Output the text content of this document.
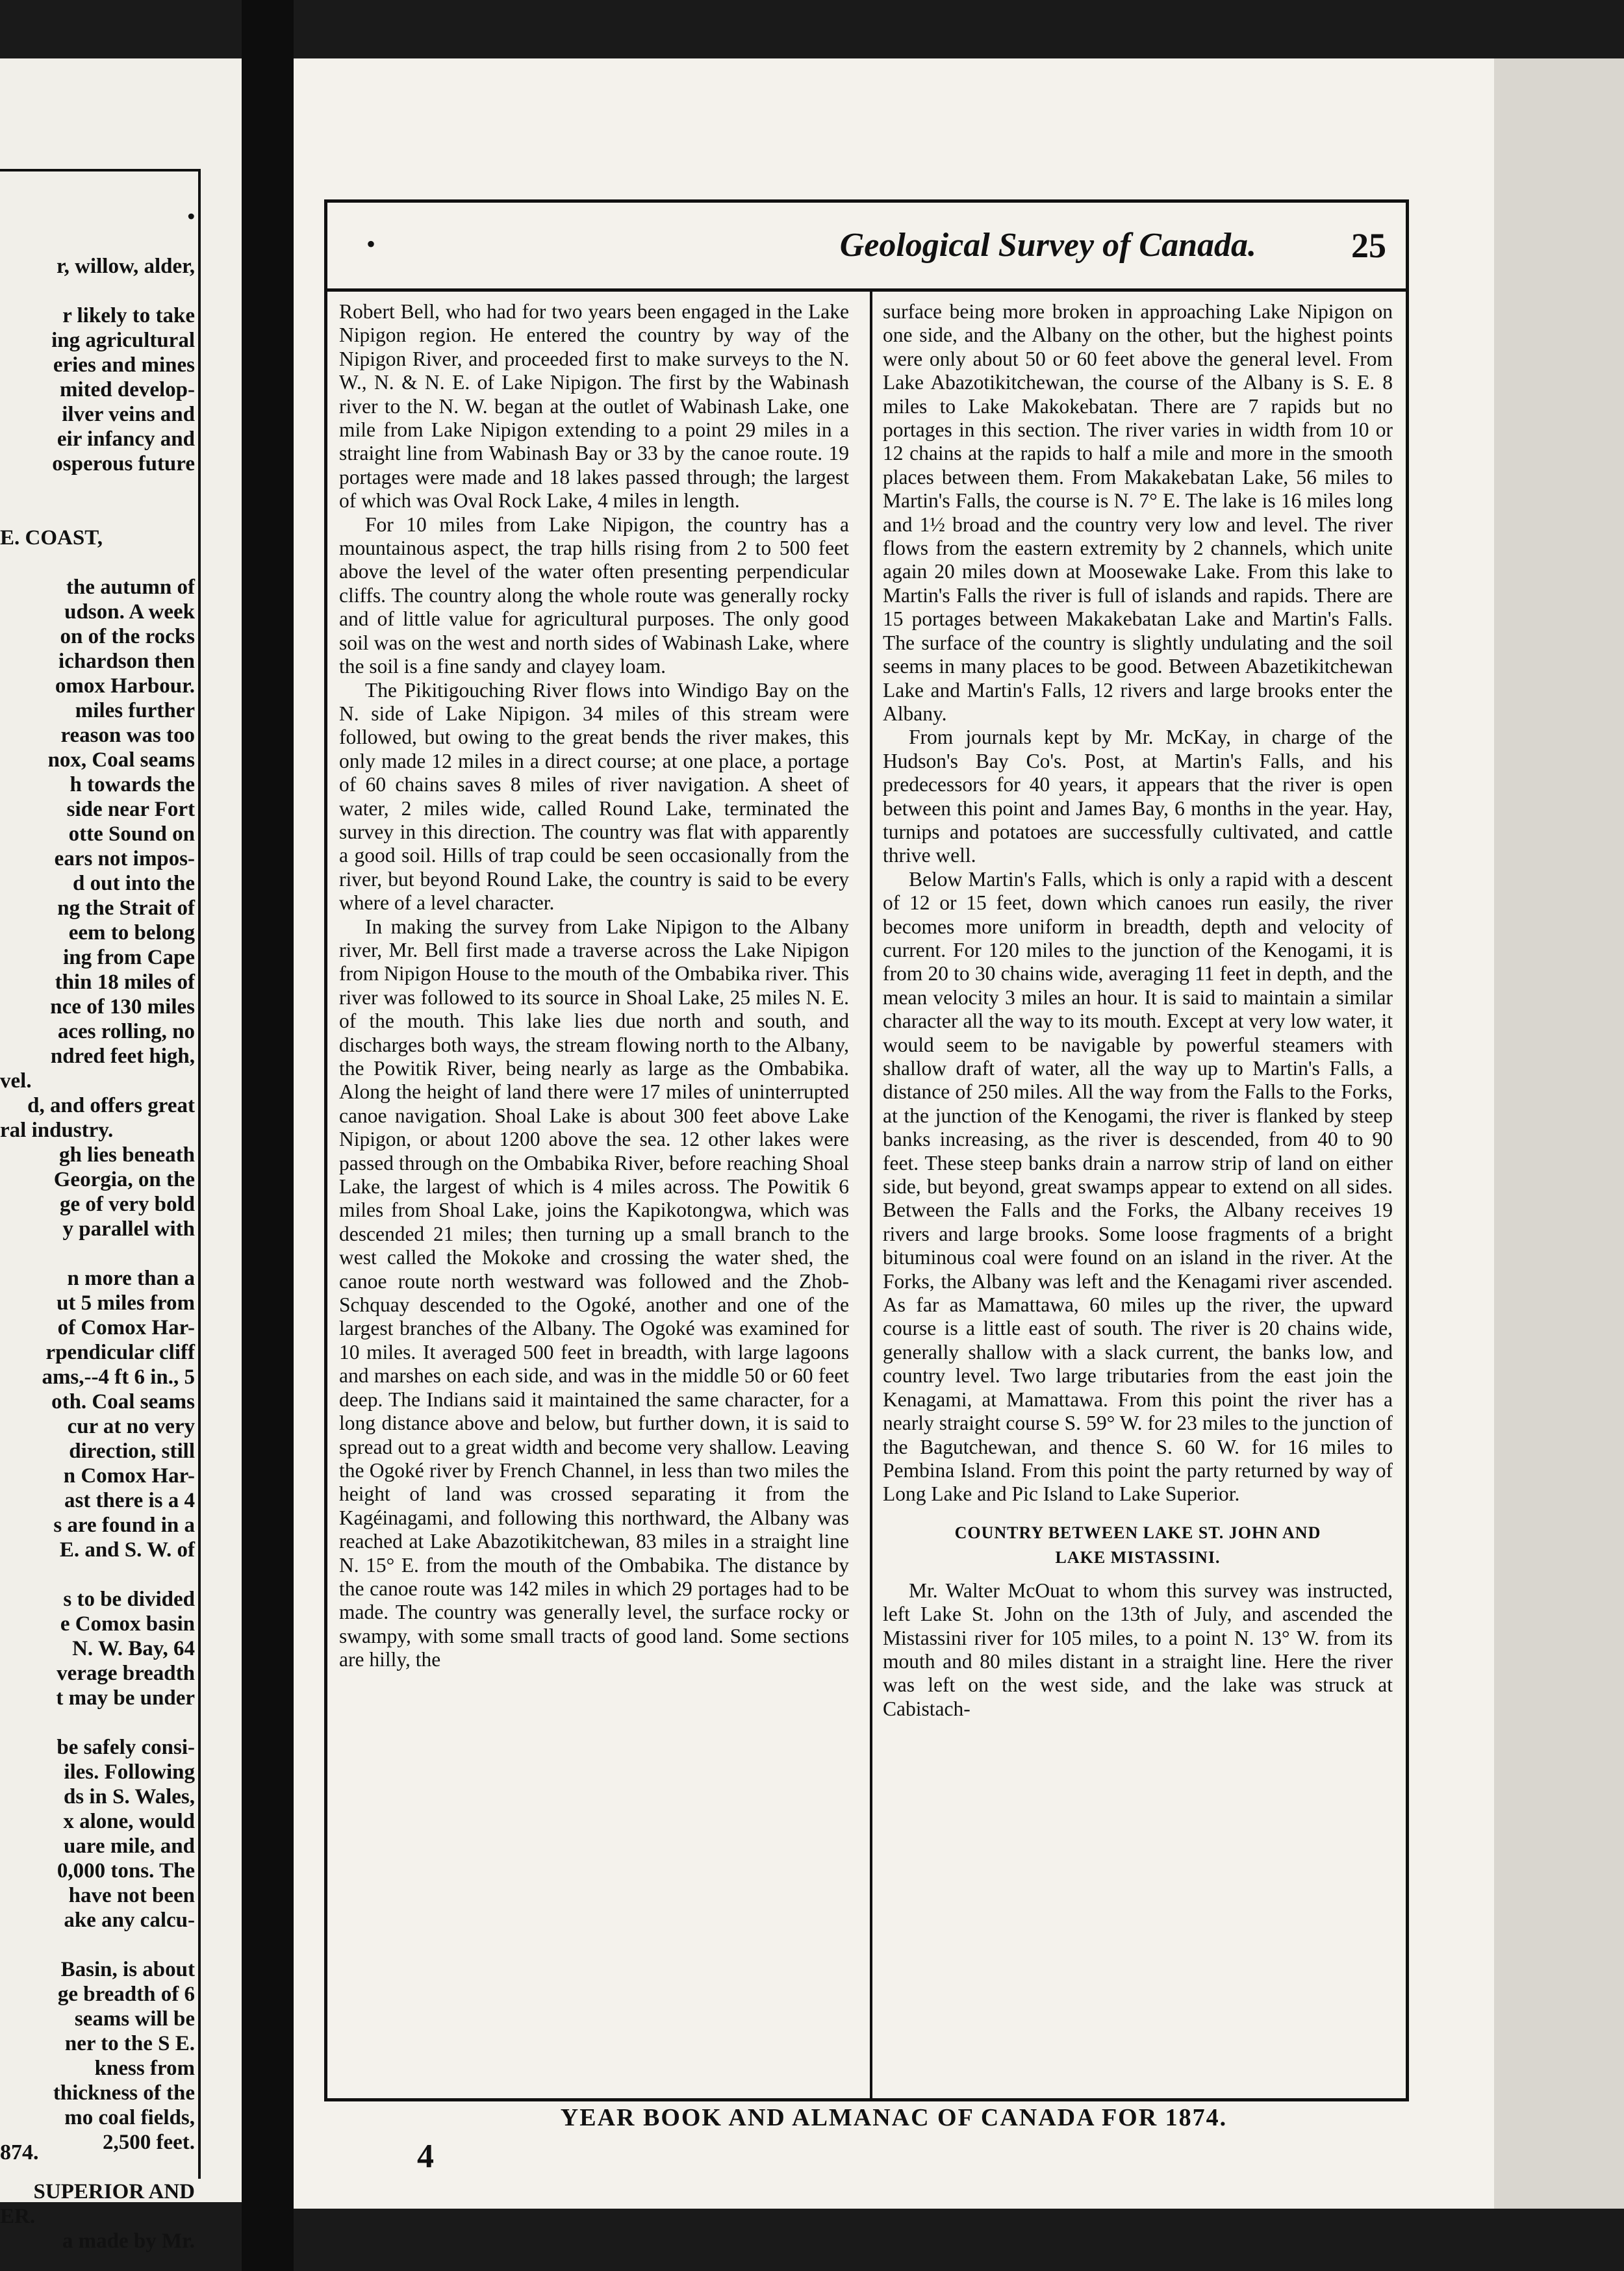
•
r, willow, alder,
r likely to take
ing agricultural
eries and mines
mited develop-
ilver veins and
eir infancy and
osperous future
E. COAST,
the autumn of
udson. A week
on of the rocks
ichardson then
omox Harbour.
miles further
reason was too
nox, Coal seams
h towards the
side near Fort
otte Sound on
ears not impos-
d out into the
ng the Strait of
eem to belong
ing from Cape
thin 18 miles of
nce of 130 miles
aces rolling, no
ndred feet high,
vel.
d, and offers great
ral industry.
gh lies beneath
Georgia, on the
ge of very bold
y parallel with
n more than a
ut 5 miles from
of Comox Har-
rpendicular cliff
ams,--4 ft 6 in., 5
oth. Coal seams
cur at no very
direction, still
n Comox Har-
ast there is a 4
s are found in a
E. and S. W. of
s to be divided
e Comox basin
N. W. Bay, 64
verage breadth
t may be under
be safely consi-
iles. Following
ds in S. Wales,
x alone, would
uare mile, and
0,000 tons. The
have not been
ake any calcu-
Basin, is about
ge breadth of 6
seams will be
ner to the S E.
kness from
thickness of the
mo coal fields,
2,500 feet.
SUPERIOR AND
ER.
a made by Mr.
874.
•	Geological Survey of Canada.	25

Robert Bell, who had for two years been engaged in the Lake Nipigon region. He entered the country by way of the Nipigon River, and proceeded first to make surveys to the N. W., N. & N. E. of Lake Nipigon. The first by the Wabinash river to the N. W. began at the outlet of Wabinash Lake, one mile from Lake Nipigon extending to a point 29 miles in a straight line from Wabinash Bay or 33 by the canoe route. 19 portages were made and 18 lakes passed through; the largest of which was Oval Rock Lake, 4 miles in length.

For 10 miles from Lake Nipigon, the country has a mountainous aspect, the trap hills rising from 2 to 500 feet above the level of the water often presenting perpendicular cliffs. The country along the whole route was generally rocky and of little value for agricultural purposes. The only good soil was on the west and north sides of Wabinash Lake, where the soil is a fine sandy and clayey loam.

The Pikitigouching River flows into Windigo Bay on the N. side of Lake Nipigon. 34 miles of this stream were followed, but owing to the great bends the river makes, this only made 12 miles in a direct course; at one place, a portage of 60 chains saves 8 miles of river navigation. A sheet of water, 2 miles wide, called Round Lake, terminated the survey in this direction. The country was flat with apparently a good soil. Hills of trap could be seen occasionally from the river, but beyond Round Lake, the country is said to be every where of a level character.

In making the survey from Lake Nipigon to the Albany river, Mr. Bell first made a traverse across the Lake Nipigon from Nipigon House to the mouth of the Ombabika river. This river was followed to its source in Shoal Lake, 25 miles N. E. of the mouth. This lake lies due north and south, and discharges both ways, the stream flowing north to the Albany, the Powitik River, being nearly as large as the Ombabika. Along the height of land there were 17 miles of uninterrupted canoe navigation. Shoal Lake is about 300 feet above Lake Nipigon, or about 1200 above the sea. 12 other lakes were passed through on the Ombabika River, before reaching Shoal Lake, the largest of which is 4 miles across. The Powitik 6 miles from Shoal Lake, joins the Kapikotongwa, which was descended 21 miles; then turning up a small branch to the west called the Mokoke and crossing the water shed, the canoe route north westward was followed and the Zhob-Schquay descended to the Ogoké, another and one of the largest branches of the Albany. The Ogoké was examined for 10 miles. It averaged 500 feet in breadth, with large lagoons and marshes on each side, and was in the middle 50 or 60 feet deep. The Indians said it maintained the same character, for a long distance above and below, but further down, it is said to spread out to a great width and become very shallow. Leaving the Ogoké river by French Channel, in less than two miles the height of land was crossed separating it from the Kagéinagami, and following this northward, the Albany was reached at Lake Abazotikitchewan, 83 miles in a straight line N. 15° E. from the mouth of the Ombabika. The distance by the canoe route was 142 miles in which 29 portages had to be made. The country was generally level, the surface rocky or swampy, with some small tracts of good land. Some sections are hilly, the

surface being more broken in approaching Lake Nipigon on one side, and the Albany on the other, but the highest points were only about 50 or 60 feet above the general level. From Lake Abazotikitchewan, the course of the Albany is S. E. 8 miles to Lake Makokebatan. There are 7 rapids but no portages in this section. The river varies in width from 10 or 12 chains at the rapids to half a mile and more in the smooth places between them. From Makakebatan Lake, 56 miles to Martin's Falls, the course is N. 7° E. The lake is 16 miles long and 1½ broad and the country very low and level. The river flows from the eastern extremity by 2 channels, which unite again 20 miles down at Moosewake Lake. From this lake to Martin's Falls the river is full of islands and rapids. There are 15 portages between Makakebatan Lake and Martin's Falls. The surface of the country is slightly undulating and the soil seems in many places to be good. Between Abazetikitchewan Lake and Martin's Falls, 12 rivers and large brooks enter the Albany.

From journals kept by Mr. McKay, in charge of the Hudson's Bay Co's. Post, at Martin's Falls, and his predecessors for 40 years, it appears that the river is open between this point and James Bay, 6 months in the year. Hay, turnips and potatoes are successfully cultivated, and cattle thrive well.

Below Martin's Falls, which is only a rapid with a descent of 12 or 15 feet, down which canoes run easily, the river becomes more uniform in breadth, depth and velocity of current. For 120 miles to the junction of the Kenogami, it is from 20 to 30 chains wide, averaging 11 feet in depth, and the mean velocity 3 miles an hour. It is said to maintain a similar character all the way to its mouth. Except at very low water, it would seem to be navigable by powerful steamers with shallow draft of water, all the way up to Martin's Falls, a distance of 250 miles. All the way from the Falls to the Forks, at the junction of the Kenogami, the river is flanked by steep banks increasing, as the river is descended, from 40 to 90 feet. These steep banks drain a narrow strip of land on either side, but beyond, great swamps appear to extend on all sides. Between the Falls and the Forks, the Albany receives 19 rivers and large brooks. Some loose fragments of a bright bituminous coal were found on an island in the river. At the Forks, the Albany was left and the Kenagami river ascended. As far as Mamattawa, 60 miles up the river, the upward course is a little east of south. The river is 20 chains wide, generally shallow with a slack current, the banks low, and country level. Two large tributaries from the east join the Kenagami, at Mamattawa. From this point the river has a nearly straight course S. 59° W. for 23 miles to the junction of the Bagutchewan, and thence S. 60 W. for 16 miles to Pembina Island. From this point the party returned by way of Long Lake and Pic Island to Lake Superior.

COUNTRY BETWEEN LAKE ST. JOHN AND
LAKE MISTASSINI.

Mr. Walter McOuat to whom this survey was instructed, left Lake St. John on the 13th of July, and ascended the Mistassini river for 105 miles, to a point N. 13° W. from its mouth and 80 miles distant in a straight line. Here the river was left on the west side, and the lake was struck at Cabistach-

YEAR BOOK AND ALMANAC OF CANADA FOR 1874.
4
